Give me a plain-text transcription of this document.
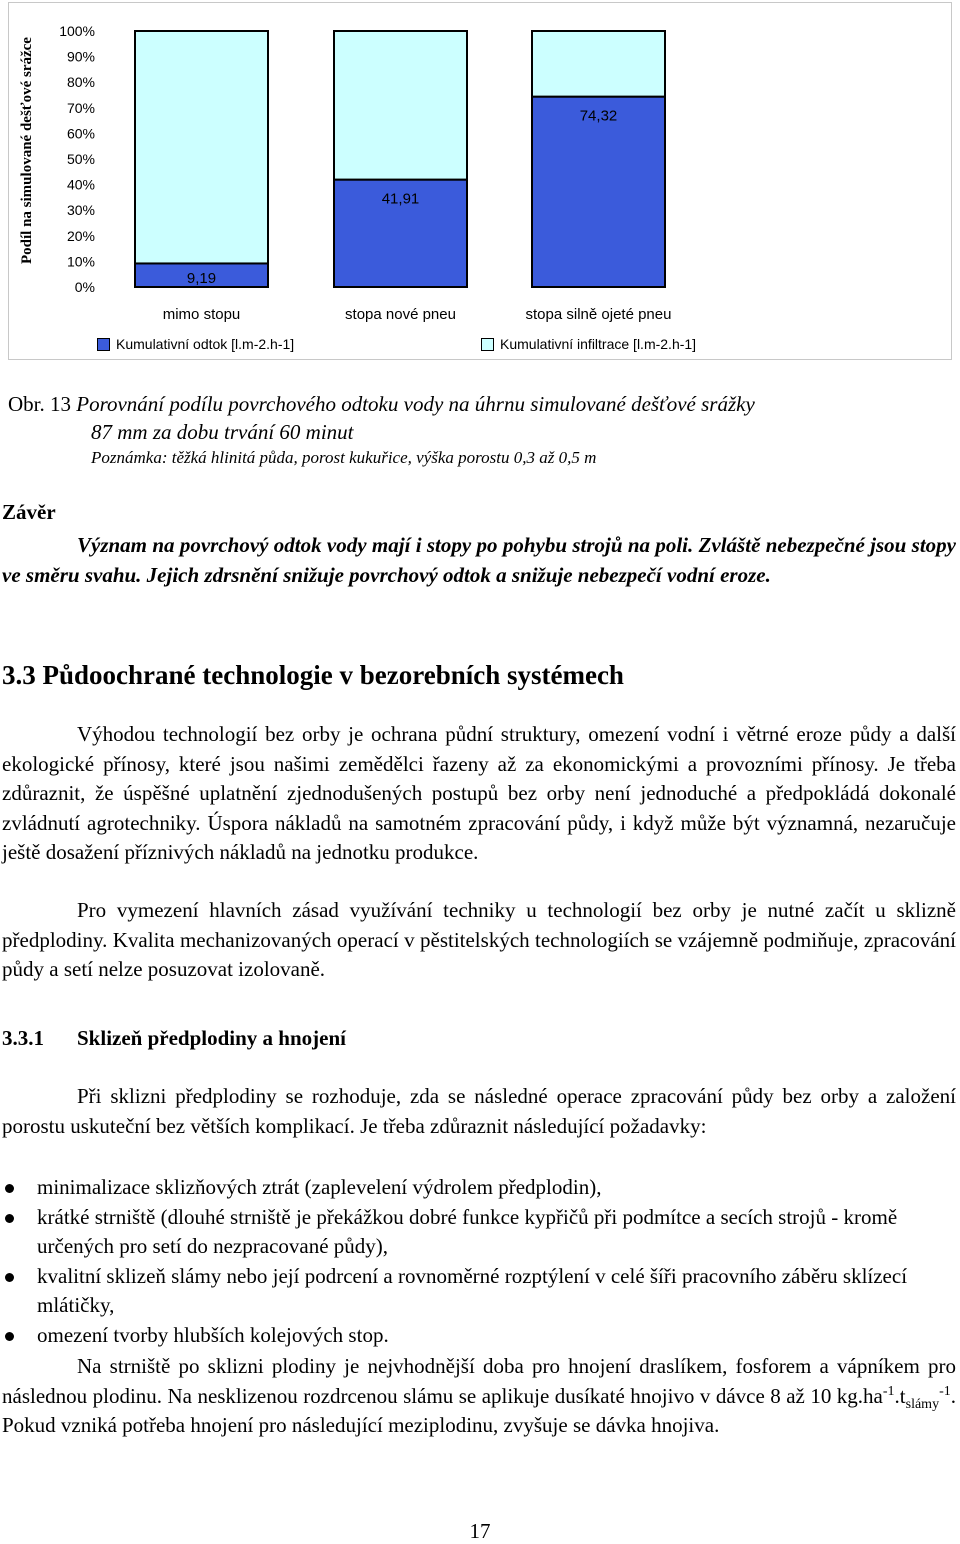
Podíl na simulované dešťové srážce
100%
90%
80%
70%
60%
50%
40%
30%
20%
10%
0%	9,19
mimo stopu
41,91
stopa nové pneu
74,32
stopa silně ojeté pneu
Kumulativní odtok [l.m-2.h-1]	Kumulativní infiltrace [l.m-2.h-1]
Obr. 13 Porovnání podílu povrchového odtoku vody na úhrnu simulované dešťové srážky
87 mm za dobu trvání 60 minut
Poznámka: těžká hlinitá půda, porost kukuřice, výška porostu 0,3 až 0,5 m
Závěr
Význam na povrchový odtok vody mají i stopy po pohybu strojů na poli. Zvláště nebezpečné jsou stopy ve směru svahu. Jejich zdrsnění snižuje povrchový odtok a snižuje nebezpečí vodní eroze.
3.3 Půdoochrané technologie v bezorebních systémech
Výhodou technologií bez orby je ochrana půdní struktury, omezení vodní i větrné eroze půdy a další ekologické přínosy, které jsou našimi zemědělci řazeny až za ekonomickými a provozními přínosy. Je třeba zdůraznit, že úspěšné uplatnění zjednodušených postupů bez orby není jednoduché a předpokládá dokonalé zvládnutí agrotechniky. Úspora nákladů na samotném zpracování půdy, i když může být významná, nezaručuje ještě dosažení příznivých nákladů na jednotku produkce.
Pro vymezení hlavních zásad využívání techniky u technologií bez orby je nutné začít u sklizně předplodiny. Kvalita mechanizovaných operací v pěstitelských technologiích se vzájemně podmiňuje, zpracování půdy a setí nelze posuzovat izolovaně.
3.3.1 Sklizeň předplodiny a hnojení
Při sklizni předplodiny se rozhoduje, zda se následné operace zpracování půdy bez orby a založení porostu uskuteční bez větších komplikací. Je třeba zdůraznit následující požadavky:
minimalizace sklizňových ztrát (zaplevelení výdrolem předplodin),
krátké strniště (dlouhé strniště je překážkou dobré funkce kypřičů při podmítce a secích strojů - kromě určených pro setí do nezpracované půdy),
kvalitní sklizeň slámy nebo její podrcení a rovnoměrné rozptýlení v celé šíři pracovního záběru sklízecí mlátičky,
omezení tvorby hlubších kolejových stop.
Na strniště po sklizni plodiny je nejvhodnější doba pro hnojení draslíkem, fosforem a vápníkem pro následnou plodinu. Na nesklizenou rozdrcenou slámu se aplikuje dusíkaté hnojivo v dávce 8 až 10 $kg.ha^{-1}.t_{slámy}^{-1}$. Pokud vzniká potřeba hnojení pro následující meziplodinu, zvyšuje se dávka hnojiva.
17
